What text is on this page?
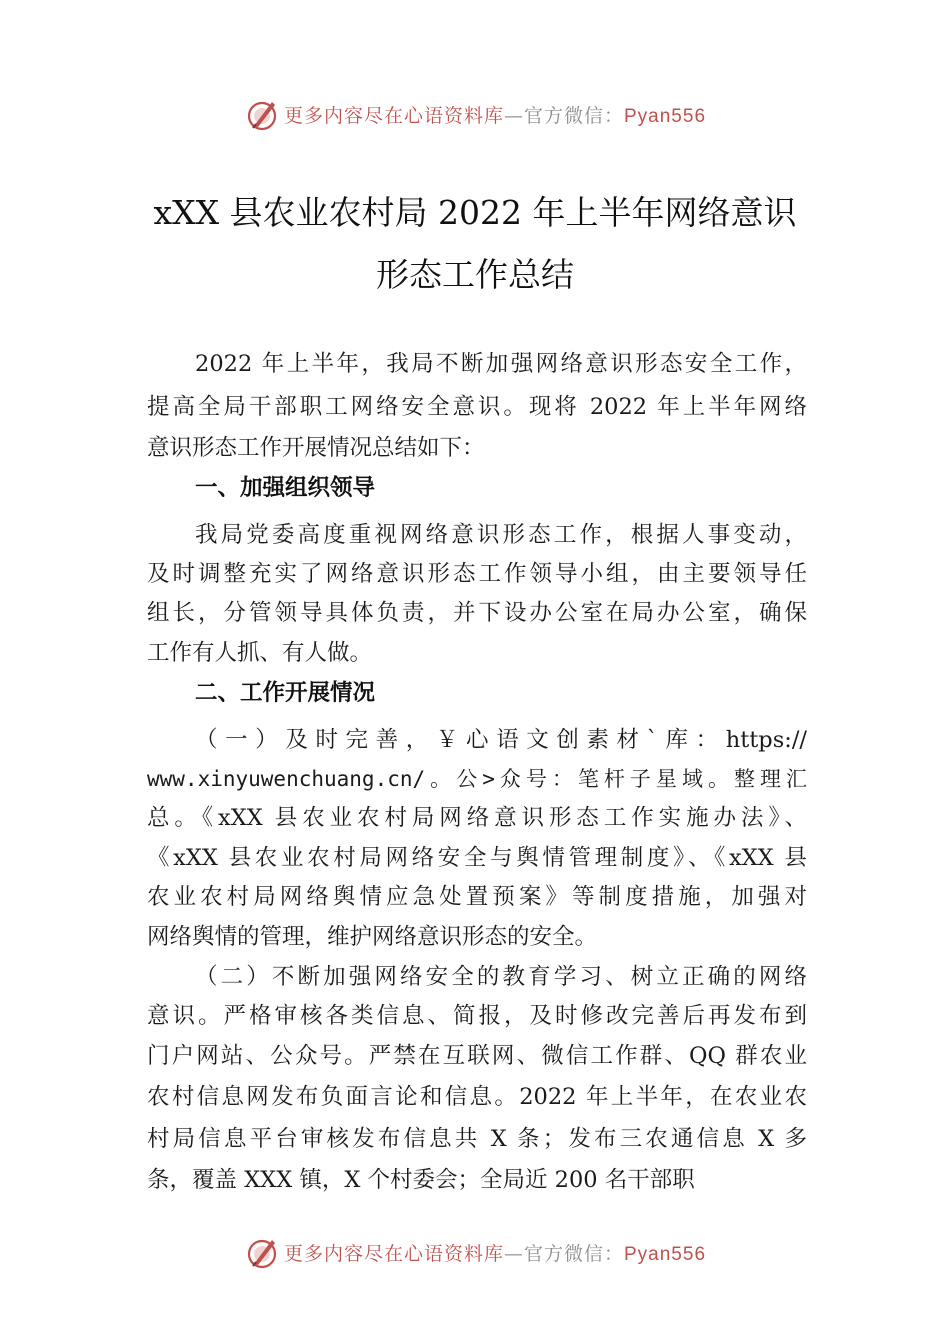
更多内容尽在心语资料库—官方微信：Pyan556
xXX 县农业农村局 2022 年上半年网络意识
形态工作总结
2022 年上半年，我局不断加强网络意识形态安全工作，
提高全局干部职工网络安全意识。现将 2022 年上半年网络
意识形态工作开展情况总结如下：
一、加强组织领导
我局党委高度重视网络意识形态工作，根据人事变动，
及时调整充实了网络意识形态工作领导小组，由主要领导任
组长，分管领导具体负责，并下设办公室在局办公室，确保
工作有人抓、有人做。
二、工作开展情况
（一）及时完善，￥心语文创素材`库：https://
www.xinyuwenchuang.cn/。公>众号：笔杆子星域。整理汇
总。《xXX 县农业农村局网络意识形态工作实施办法》、
《xXX 县农业农村局网络安全与舆情管理制度》、《xXX 县
农业农村局网络舆情应急处置预案》等制度措施，加强对
网络舆情的管理，维护网络意识形态的安全。
（二）不断加强网络安全的教育学习、树立正确的网络
意识。严格审核各类信息、简报，及时修改完善后再发布到
门户网站、公众号。严禁在互联网、微信工作群、QQ 群农业
农村信息网发布负面言论和信息。2022 年上半年，在农业农
村局信息平台审核发布信息共 X 条；发布三农通信息 X 多
条，覆盖 XXX 镇，X 个村委会；全局近 200 名干部职
更多内容尽在心语资料库—官方微信：Pyan556
